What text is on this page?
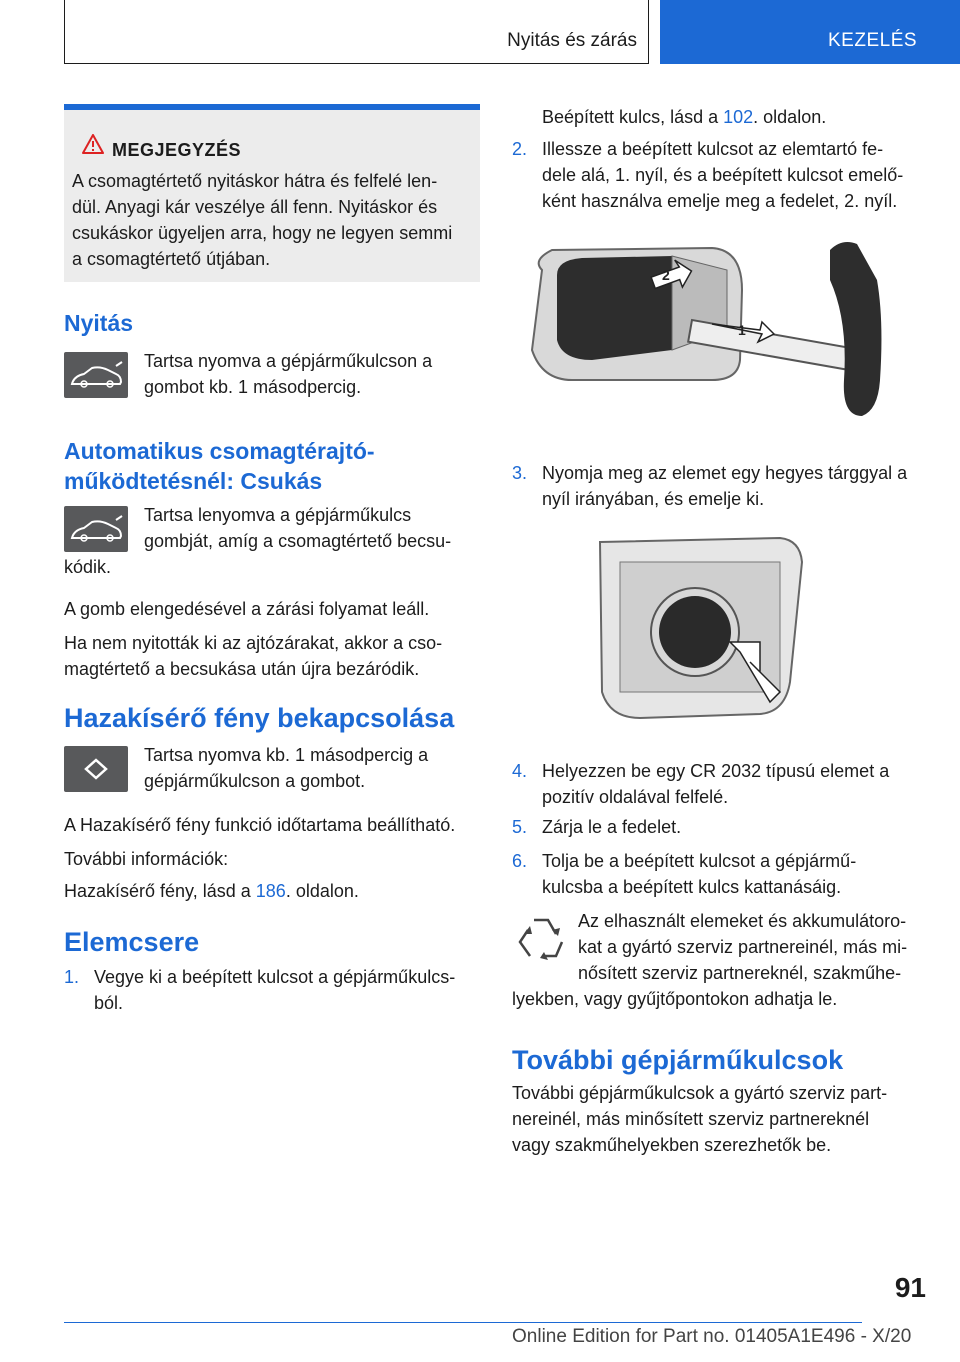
Nyitás és zárás	KEZELÉS
MEGJEGYZÉS
A csomagtértető nyitáskor hátra és felfelé len-
dül. Anyagi kár veszélye áll fenn. Nyitáskor és
csukáskor ügyeljen arra, hogy ne legyen semmi
a csomagtértető útjában.
Nyitás
Tartsa nyomva a gépjárműkulcson a
gombot kb. 1 másodpercig.
Automatikus csomagtérajtó-
működtetésnél: Csukás
Tartsa lenyomva a gépjárműkulcs
gombját, amíg a csomagtértető becsu-
kódik.
A gomb elengedésével a zárási folyamat leáll.
Ha nem nyitották ki az ajtózárakat, akkor a cso-
magtértető a becsukása után újra bezáródik.
Hazakísérő fény bekapcsolása
Tartsa nyomva kb. 1 másodpercig a
gépjárműkulcson a gombot.
A Hazakísérő fény funkció időtartama beállítható.
További információk:
Hazakísérő fény, lásd a 186. oldalon.
Elemcsere
1. Vegye ki a beépített kulcsot a gépjárműkulcs-
ból.
Beépített kulcs, lásd a 102. oldalon.
2. Illessze a beépített kulcsot az elemtartó fe-
dele alá, 1. nyíl, és a beépített kulcsot emelő-
ként használva emelje meg a fedelet, 2. nyíl.
1
2
3. Nyomja meg az elemet egy hegyes tárggyal a
nyíl irányában, és emelje ki.
4. Helyezzen be egy CR 2032 típusú elemet a
pozitív oldalával felfelé.
5. Zárja le a fedelet.
6. Tolja be a beépített kulcsot a gépjármű-
kulcsba a beépített kulcs kattanásáig.
Az elhasznált elemeket és akkumulátoro-
kat a gyártó szerviz partnereinél, más mi-
nősített szerviz partnereknél, szakműhe-
lyekben, vagy gyűjtőpontokon adhatja le.
További gépjárműkulcsok
További gépjárműkulcsok a gyártó szerviz part-
nereinél, más minősített szerviz partnereknél
vagy szakműhelyekben szerezhetők be.
91
Online Edition for Part no. 01405A1E496 - X/20
